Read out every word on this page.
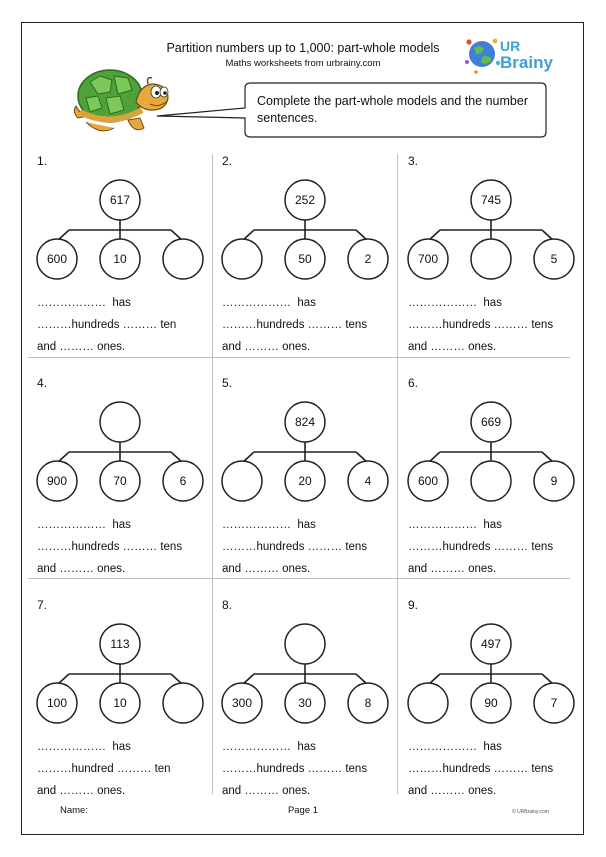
Partition numbers up to 1,000: part-whole models
Maths worksheets from urbrainy.com
UR
Brainy
Complete the part-whole models and the number sentences.
1.
617
600	10
………………  has
………hundreds ……… ten
and ……… ones.
2.
252
50	2
………………  has
………hundreds ……… tens
and ……… ones.
3.
745
700	5
………………  has
………hundreds ……… tens
and ……… ones.
4.
900	70	6
………………  has
………hundreds ……… tens
and ……… ones.
5.
824
20	4
………………  has
………hundreds ……… tens
and ……… ones.
6.
669
600	9
………………  has
………hundreds ……… tens
and ……… ones.
7.
113
100	10
………………  has
………hundred ……… ten
and ……… ones.
8.
300	30	8
………………  has
………hundreds ……… tens
and ……… ones.
9.
497
90	7
………………  has
………hundreds ……… tens
and ……… ones.
Name:	Page 1	© URBrainy.com
